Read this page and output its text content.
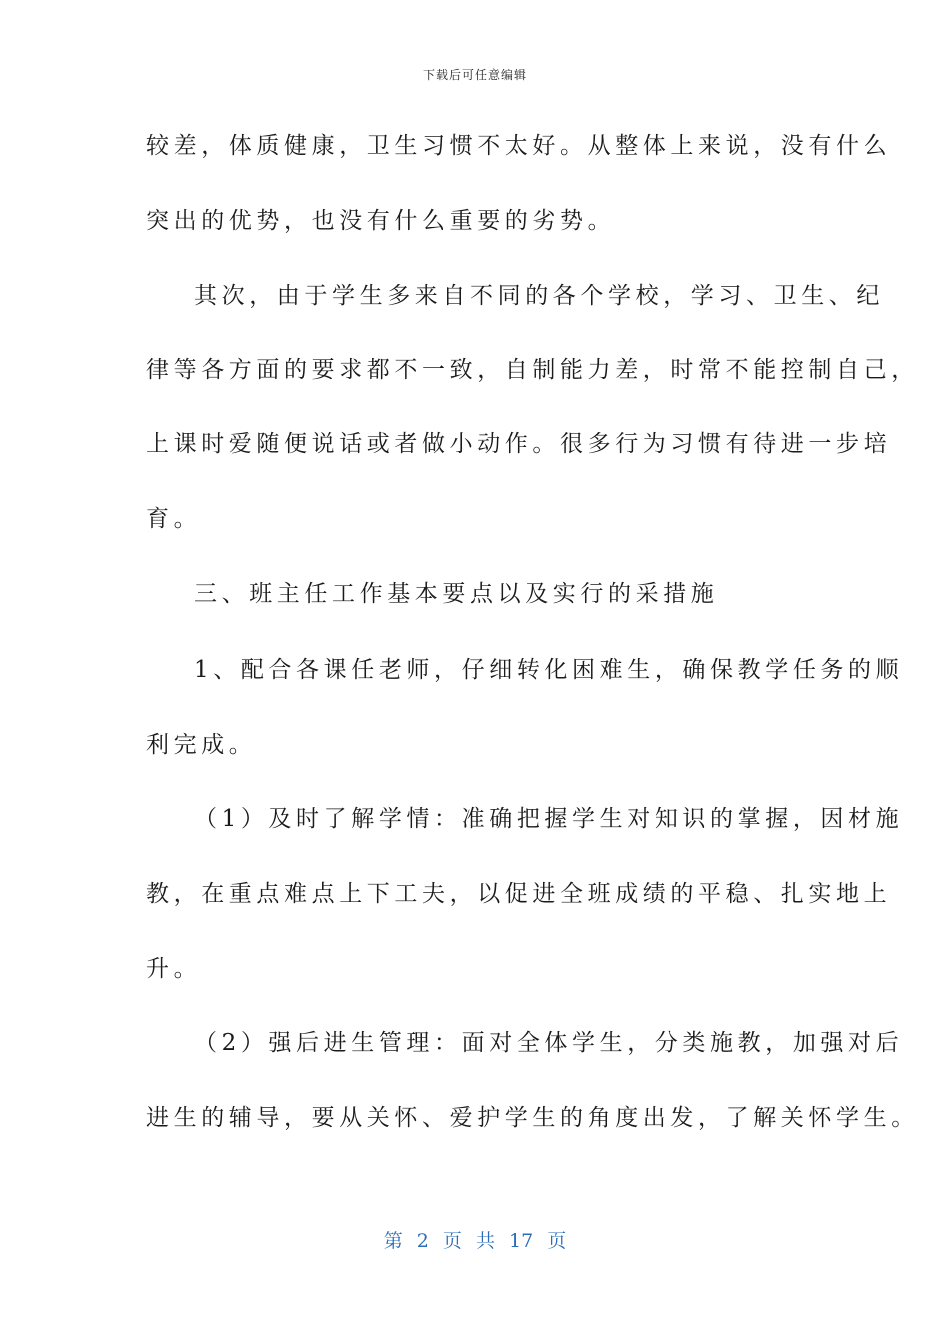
下载后可任意编辑
较差，体质健康，卫生习惯不太好。从整体上来说，没有什么
突出的优势，也没有什么重要的劣势。
其次，由于学生多来自不同的各个学校，学习、卫生、纪
律等各方面的要求都不一致，自制能力差，时常不能控制自己，
上课时爱随便说话或者做小动作。很多行为习惯有待进一步培
育。
三、班主任工作基本要点以及实行的采措施
1、配合各课任老师，仔细转化困难生，确保教学任务的顺
利完成。
（1）及时了解学情：准确把握学生对知识的掌握，因材施
教，在重点难点上下工夫，以促进全班成绩的平稳、扎实地上
升。
（2）强后进生管理：面对全体学生，分类施教，加强对后
进生的辅导，要从关怀、爱护学生的角度出发，了解关怀学生。
第 2 页 共 17 页
